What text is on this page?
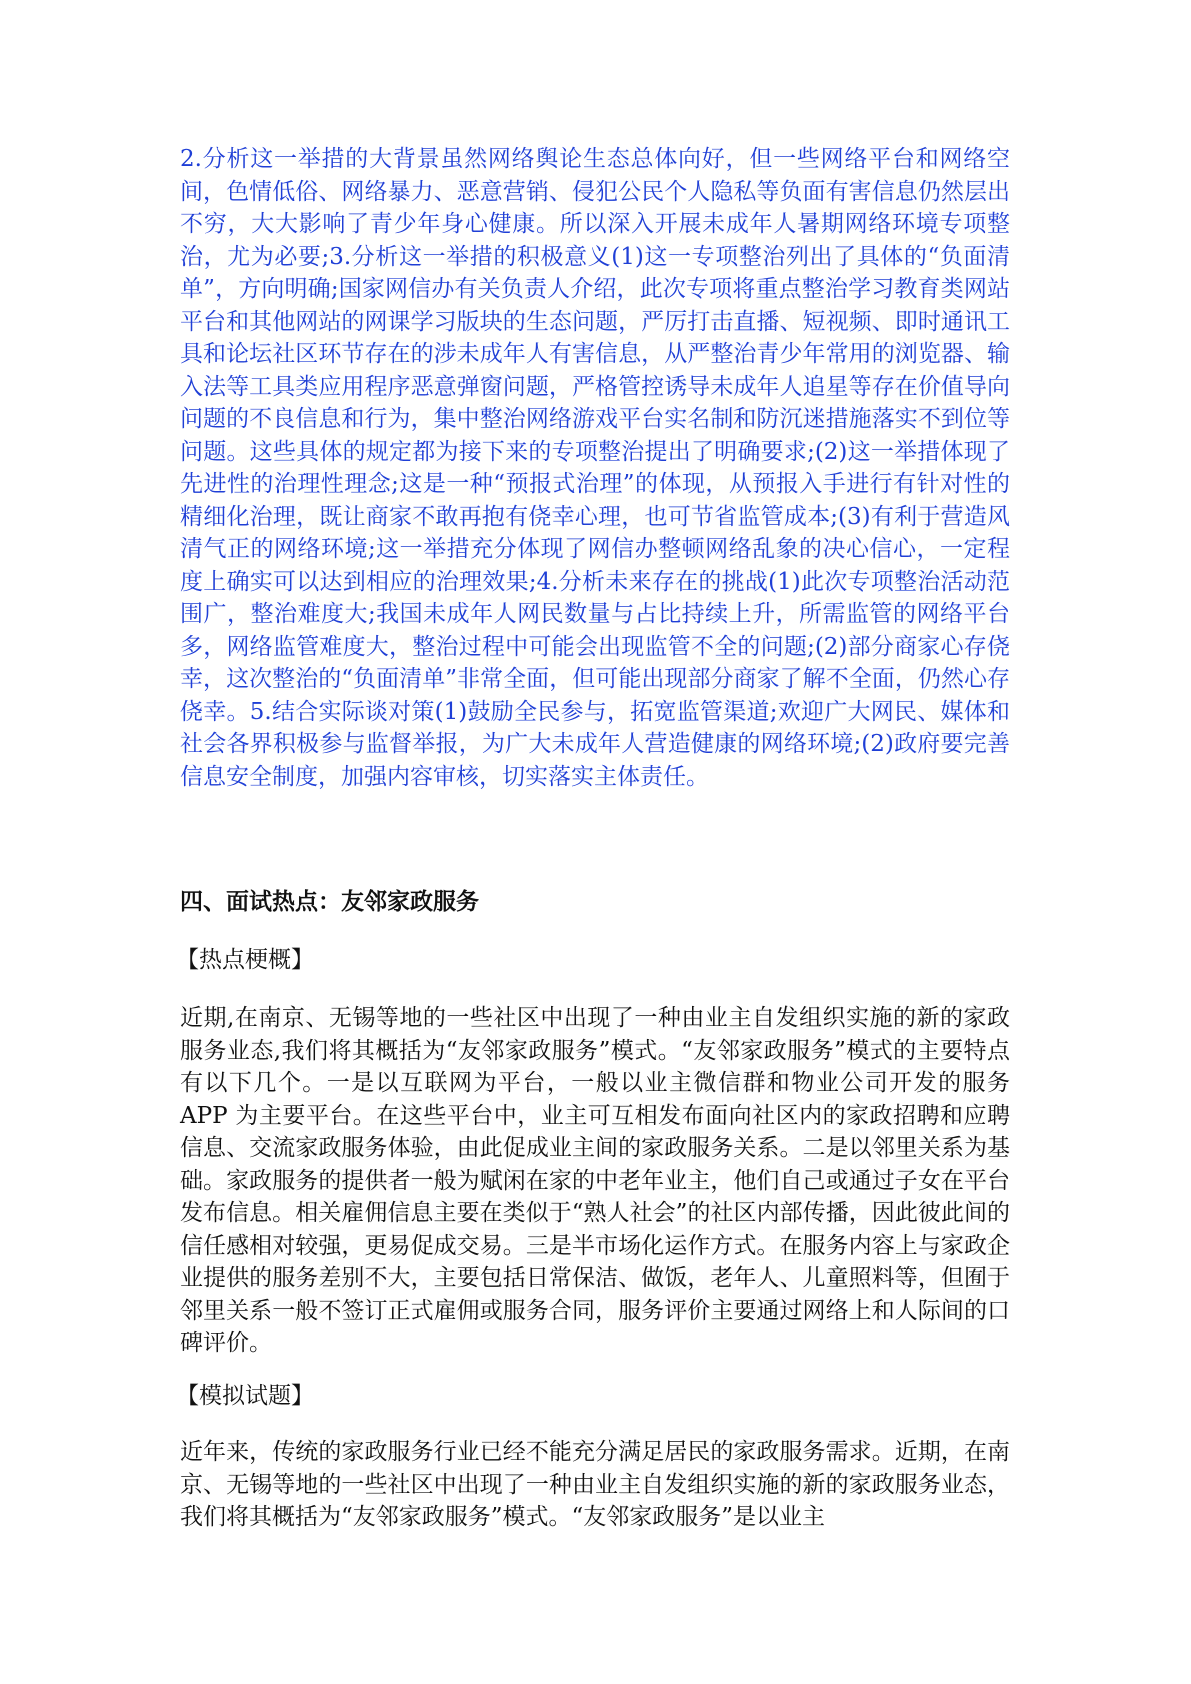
2.分析这一举措的大背景虽然网络舆论生态总体向好，但一些网络平台和网络空间，色情低俗、网络暴力、恶意营销、侵犯公民个人隐私等负面有害信息仍然层出不穷，大大影响了青少年身心健康。所以深入开展未成年人暑期网络环境专项整治，尤为必要;3.分析这一举措的积极意义(1)这一专项整治列出了具体的“负面清单”，方向明确;国家网信办有关负责人介绍，此次专项将重点整治学习教育类网站平台和其他网站的网课学习版块的生态问题，严厉打击直播、短视频、即时通讯工具和论坛社区环节存在的涉未成年人有害信息，从严整治青少年常用的浏览器、输入法等工具类应用程序恶意弹窗问题，严格管控诱导未成年人追星等存在价值导向问题的不良信息和行为，集中整治网络游戏平台实名制和防沉迷措施落实不到位等问题。这些具体的规定都为接下来的专项整治提出了明确要求;(2)这一举措体现了先进性的治理性理念;这是一种“预报式治理”的体现，从预报入手进行有针对性的精细化治理，既让商家不敢再抱有侥幸心理，也可节省监管成本;(3)有利于营造风清气正的网络环境;这一举措充分体现了网信办整顿网络乱象的决心信心，一定程度上确实可以达到相应的治理效果;4.分析未来存在的挑战(1)此次专项整治活动范围广，整治难度大;我国未成年人网民数量与占比持续上升，所需监管的网络平台多，网络监管难度大，整治过程中可能会出现监管不全的问题;(2)部分商家心存侥幸，这次整治的“负面清单”非常全面，但可能出现部分商家了解不全面，仍然心存侥幸。5.结合实际谈对策(1)鼓励全民参与，拓宽监管渠道;欢迎广大网民、媒体和社会各界积极参与监督举报，为广大未成年人营造健康的网络环境;(2)政府要完善信息安全制度，加强内容审核，切实落实主体责任。

四、面试热点：友邻家政服务

【热点梗概】

近期,在南京、无锡等地的一些社区中出现了一种由业主自发组织实施的新的家政服务业态,我们将其概括为“友邻家政服务”模式。“友邻家政服务”模式的主要特点有以下几个。一是以互联网为平台，一般以业主微信群和物业公司开发的服务 APP 为主要平台。在这些平台中，业主可互相发布面向社区内的家政招聘和应聘信息、交流家政服务体验，由此促成业主间的家政服务关系。二是以邻里关系为基础。家政服务的提供者一般为赋闲在家的中老年业主，他们自己或通过子女在平台发布信息。相关雇佣信息主要在类似于“熟人社会”的社区内部传播，因此彼此间的信任感相对较强，更易促成交易。三是半市场化运作方式。在服务内容上与家政企业提供的服务差别不大，主要包括日常保洁、做饭，老年人、儿童照料等，但囿于邻里关系一般不签订正式雇佣或服务合同，服务评价主要通过网络上和人际间的口碑评价。

【模拟试题】

近年来，传统的家政服务行业已经不能充分满足居民的家政服务需求。近期，在南京、无锡等地的一些社区中出现了一种由业主自发组织实施的新的家政服务业态，我们将其概括为“友邻家政服务”模式。“友邻家政服务”是以业主
